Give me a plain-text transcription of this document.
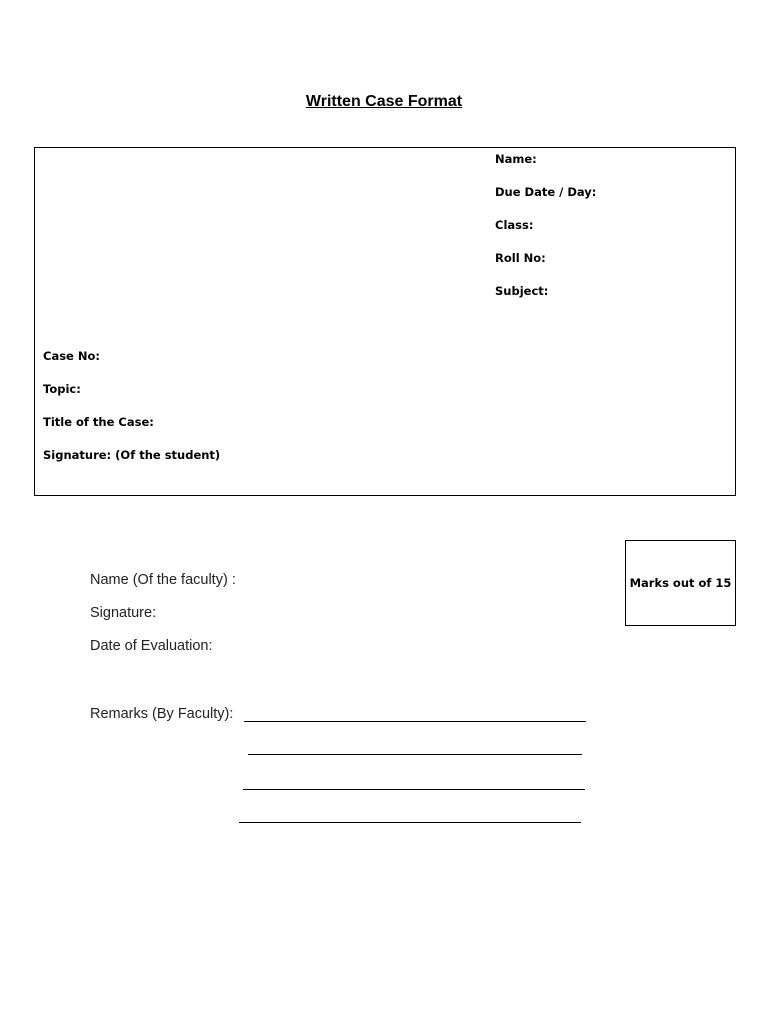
Written Case Format
Name:
Due Date / Day:
Class:
Roll No:
Subject:
Case No:
Topic:
Title of the Case:
Signature: (Of the student)
Marks out of 15
Name (Of the faculty) :
Signature:
Date of Evaluation:
Remarks (By Faculty):
